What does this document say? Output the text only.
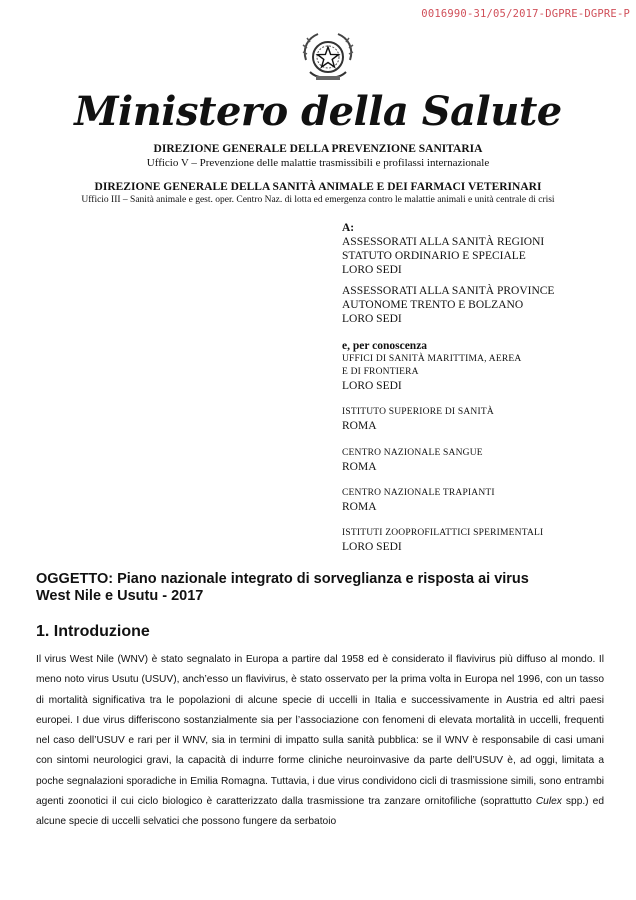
0016990-31/05/2017-DGPRE-DGPRE-P
Ministero della Salute
DIREZIONE GENERALE DELLA PREVENZIONE SANITARIA
Ufficio V – Prevenzione delle malattie trasmissibili e profilassi internazionale
DIREZIONE GENERALE DELLA SANITÀ ANIMALE E DEI FARMACI VETERINARI
Ufficio III – Sanità animale e gest. oper. Centro Naz. di lotta ed emergenza contro le malattie animali e unità centrale di crisi
A:
ASSESSORATI ALLA SANITÀ REGIONI
STATUTO ORDINARIO E SPECIALE
LORO SEDI
ASSESSORATI ALLA SANITÀ PROVINCE
AUTONOME TRENTO E BOLZANO
LORO SEDI
e, per conoscenza
UFFICI DI SANITÀ MARITTIMA, AEREA
E DI FRONTIERA
LORO SEDI
ISTITUTO SUPERIORE DI SANITÀ
ROMA
CENTRO NAZIONALE SANGUE
ROMA
CENTRO NAZIONALE TRAPIANTI
ROMA
ISTITUTI ZOOPROFILATTICI SPERIMENTALI
LORO SEDI
OGGETTO: Piano nazionale integrato di sorveglianza e risposta ai virus
West Nile e Usutu - 2017
1. Introduzione
Il virus West Nile (WNV) è stato segnalato in Europa a partire dal 1958 ed è considerato il flavivirus più diffuso al mondo. Il meno noto virus Usutu (USUV), anch’esso un flavivirus, è stato osservato per la prima volta in Europa nel 1996, con un tasso di mortalità significativa tra le popolazioni di alcune specie di uccelli in Italia e successivamente in Austria ed altri paesi europei. I due virus differiscono sostanzialmente sia per l’associazione con fenomeni di elevata mortalità in uccelli, frequenti nel caso dell’USUV e rari per il WNV, sia in termini di impatto sulla sanità pubblica: se il WNV è responsabile di casi umani con sintomi neurologici gravi, la capacità di indurre forme cliniche neuroinvasive da parte dell’USUV è, ad oggi, limitata a poche segnalazioni sporadiche in Emilia Romagna. Tuttavia, i due virus condividono cicli di trasmissione simili, sono entrambi agenti zoonotici il cui ciclo biologico è caratterizzato dalla trasmissione tra zanzare ornitofiliche (soprattutto Culex spp.) ed alcune specie di uccelli selvatici che possono fungere da serbatoio
